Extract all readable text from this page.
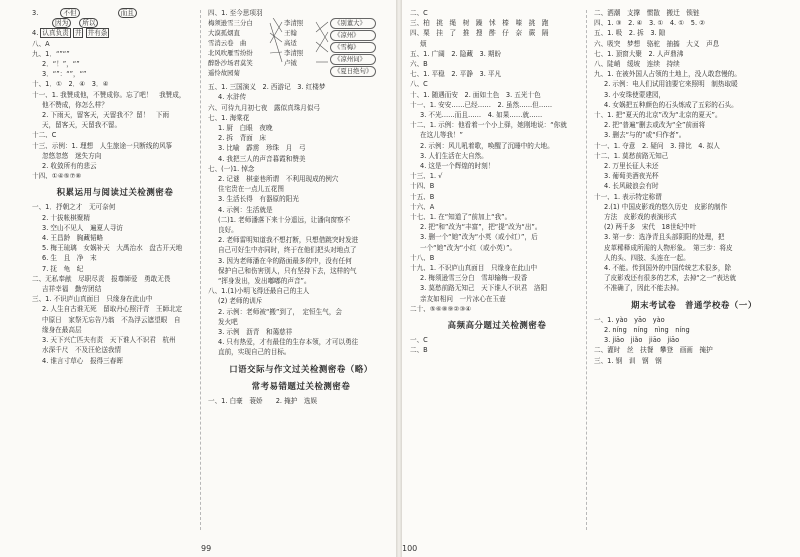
3.	不但	而且
因为 所以
4. 认真负责 井 井有条
八、A
九、1．“”“”
2．“！”，“”
3．“”：“”，“”
十、1．①　2．④　3．④
十一、1. 我赞成他，不赞成你。忘了吧！　我赞成，
他不赞成，你怎么样？
2. 下雨天，留客天，天留我不？留！　下雨
天，留客天，天留我不留。
十二、C
十三、示例：1. 理想　人生旅途一只断线的风筝
忽悠忽悠　迷失方向
2. 收敛所有的悲云
十四、①④⑤⑦⑧
积累运用与阅读过关检测密卷
一、1．抒朝之才　无可奈何
2. 十拔帐棋聚精
3. 空山不见人　遍夏人寻访
4. 王昌龄　胸藏韬略
5. 梅王琉璃　女娲补天　大禹治水　盘古开天地
6. 生　且　净　末
7. 抚　龟　纪
二、无私奉献　尽职尽责　报尊師爱　勇敢无畏
吉祥幸福　勤劳团结
三、1. 不识庐山真面目　只缘身在此山中
2. 人生自古谁无死　留取丹心照汗青　王師北定
中原日　家祭无忘告乃翁　不為浮云遮望眼　自
缘身在最高层
3. 天下兴亡匹夫有责　天下谁人不识君　杭州
水深千尺　不及汪伦送我情
4. 谁言寸草心　报得三春晖
四、1. 至今思项羽
梅须逊雪三分白
大漠孤烟直
雪消云卷　曲
北风吹雁雪纷纷
醉卧沙场君莫笑
遥怜故园菊
李清照
王翰
高适
李清照
卢钺
《别董大》
《凉州》
《雪梅》
《凉州词》
《夏日绝句》
五、1. 三国演义　2. 西游记　3. 红楼梦
4. 水浒传
六、可待九月初七夜　露似真珠月似弓
七、1. 海棠花
1. 厨　白眼　夜晚
2. 拆　背面　床
3. 比喻　霹雳　珍珠　月　弓
4. 我把三人的声音暮霞和赞美
七、(一)1. 悼念
2. 记谜　棋壶巷所谓　不利用现成的例穴
住宅贵在一点儿五花图
3. 生活长得　有器原的阳光
4. 示例：生活就是
(二)1. 老师潘落下来十分遥远，让潘向窗察不
良好。
2. 老师雷明知道我不想打断，只想借跳突时发进
自己可好生中亦同时，终于在他们把头对地点了
3. 因为老师潘在伞的路面最多的中，没有任何
保护自己和伤害别人，只有坚持下去，这样的气
“挥身发出，发出嘟嘟的声音”。
八、1.(1)小明飞得还最自己的主人
(2) 老师的训斥
2. 示例：老师被“搬”到了，　定恒生气，会
发火吧
3. 示例　沥青　和蔼慈祥
4. 只有热爱，才有最佳的生存本领，才可以勇往
直前，实现自己的目标。
口语交际与作文过关检测密卷（略）
常考易错题过关检测密卷
一、1. 白豪　蓑娇　　2. 掩护　选娱
99
二、C
三、柏　挑　绳　树　躁　怵　榛　嗪　挑　跑
四、栗　挂　了　推　搜　酢　仔　奈　蕨　隔
烦
五、1. 广阔　2. 隐藏　3. 期盼
六、B
七、1. 平稳　2. 平静　3. 平凡
八、C
十、1. 随遇而安　2. 面如土色　3. 五光十色
十一、1. 安安……已经……　2. 虽然……但……
3. 不光……而且……　4. 如果……就……
十二、1. 示例：他看着一个小上驿，她刚地说：“你就
在这儿等我！”
2. 示例：风儿吼着歌，唤醒了沉睡中的大地。
3. 人们生活在大自然。
4. 这是一个辉煌的时刻！
十三、1. √
十四、B
十五、B
十六、A
十七、1. 在“知道了”前加上“我”。
2. 把“和”改为“丰富”，把“提”改为“出”。
3. 删一个“她”改为“小英（或小红）”，后
一个“她”改为“小红（或小英）”。
十八、B
十九、1. 不识庐山真面目　只缘身在此山中
2. 梅须逊雪三分白　雪却输梅一段香
3. 莫愁前路无知己　天下谁人不识君　洛阳
亲友如相问　一片冰心在玉壶
二十、⑤⑥⑧⑨②③④
高频高分题过关检测密卷
一、C
二、B
二、洒潮　支撑　惯散　搬迁　锁链
四、1. ③　2. ④　3. ①　4. ①　5. ②
五、1. 吸　2. 拆　3. 隙
六、吸突　梦想　骆驼　抽搐　大义　声息
七、1. 顶窗大聚　2. 人声鼎沸
八、陡峭　缓坡　连续　持续
九、1. 在被外国人占领的土地上，没人敢怠慢的。
2. 示例：电人们试用油要它来照明　制热取暖
3. 小安珠使蒙建园，
4. 女娲把五种颜色的石头炼成了五彩的石头。
十、1. 把“夏天的北京”改为“北京的夏天”。
2. 把“普遍”删去或改为“全”前面将
3. 删去“与的”或“归作者”。
十一、1. 夺意　2. 疑问　3. 排比　4. 拟人
十二、1. 莫愁前路无知己
2. 万里长征人未还
3. 葡萄美酒夜光杯
4. 长风破浪会有时
十一、1. 表示特定称谓
2.(1) 中国皮影戏的悠久历史　皮影的制作
方法　皮影戏的表演形式
(2) 两千多　宋代　18世纪中叶
3. 第一步：选净青且头部阴阳的处理，把
皮革稀释成所需的人物形象。　第三步：将皮
人的头、四肢、头连在一起。
4. 不能。传到国外的中国传统艺术很多，除
了皮影戏还有很多的艺术，去掉“之一”表达就
不准确了，因此不能去掉。
期末考试卷　普通学校卷（一）
一、1. yào　yāo　yào
2. níng　níng　nìng　níng
3. jiāo　jiǎo　jiāo　jiāo
二、灌时　丝　扶餐　攀登　画画　掩护
三、1. 钢　训　钢　钢
100
